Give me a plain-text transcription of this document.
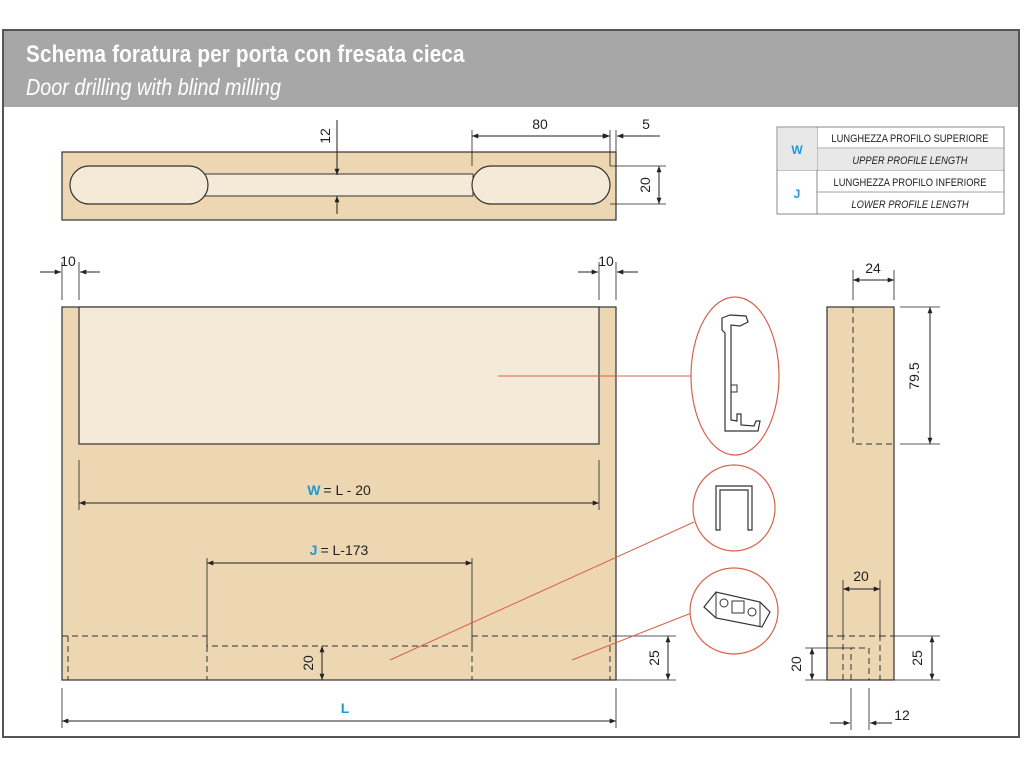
Schema foratura per porta con fresata cieca
Door drilling with blind milling
12
80	5
20
W
LUNGHEZZA PROFILO SUPERIORE
UPPER PROFILE LENGTH
J
LUNGHEZZA PROFILO INFERIORE
LOWER PROFILE LENGTH
10	10
W = L - 20
J = L-173
20	25
L
24
79.5
20
25
20
12
